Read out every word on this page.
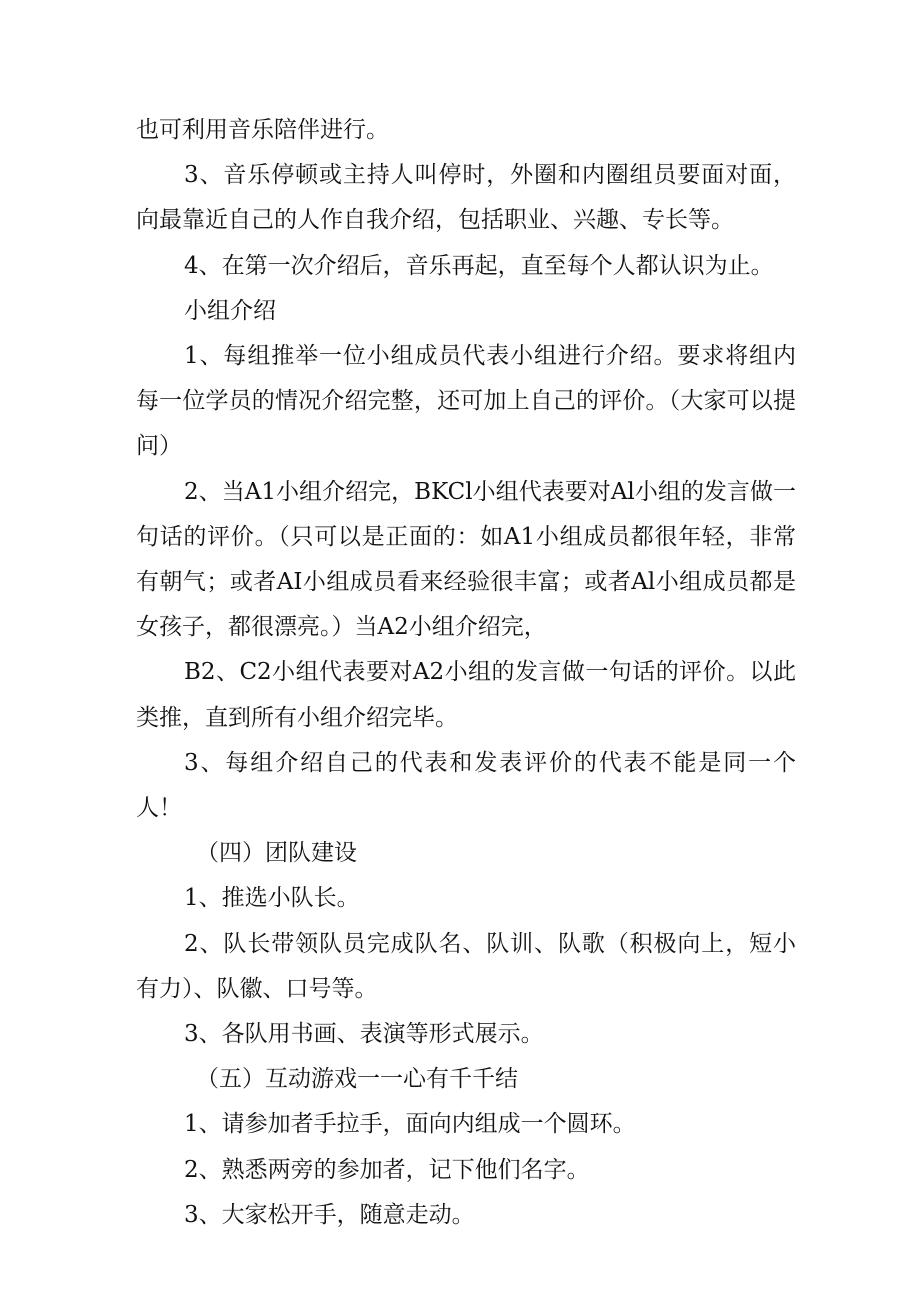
也可利用音乐陪伴进行。

3、音乐停顿或主持人叫停时，外圈和内圈组员要面对面，向最靠近自己的人作自我介绍，包括职业、兴趣、专长等。

4、在第一次介绍后，音乐再起，直至每个人都认识为止。

小组介绍

1、每组推举一位小组成员代表小组进行介绍。要求将组内每一位学员的情况介绍完整，还可加上自己的评价。（大家可以提问）

2、当A1小组介绍完，BKCl小组代表要对Al小组的发言做一句话的评价。（只可以是正面的：如A1小组成员都很年轻，非常有朝气；或者AI小组成员看来经验很丰富；或者Al小组成员都是女孩子，都很漂亮。）当A2小组介绍完，

B2、C2小组代表要对A2小组的发言做一句话的评价。以此类推，直到所有小组介绍完毕。

3、每组介绍自己的代表和发表评价的代表不能是同一个人！

（四）团队建设

1、推选小队长。

2、队长带领队员完成队名、队训、队歌（积极向上，短小有力）、队徽、口号等。

3、各队用书画、表演等形式展示。

（五）互动游戏一一心有千千结

1、请参加者手拉手，面向内组成一个圆环。

2、熟悉两旁的参加者，记下他们名字。

3、大家松开手，随意走动。
